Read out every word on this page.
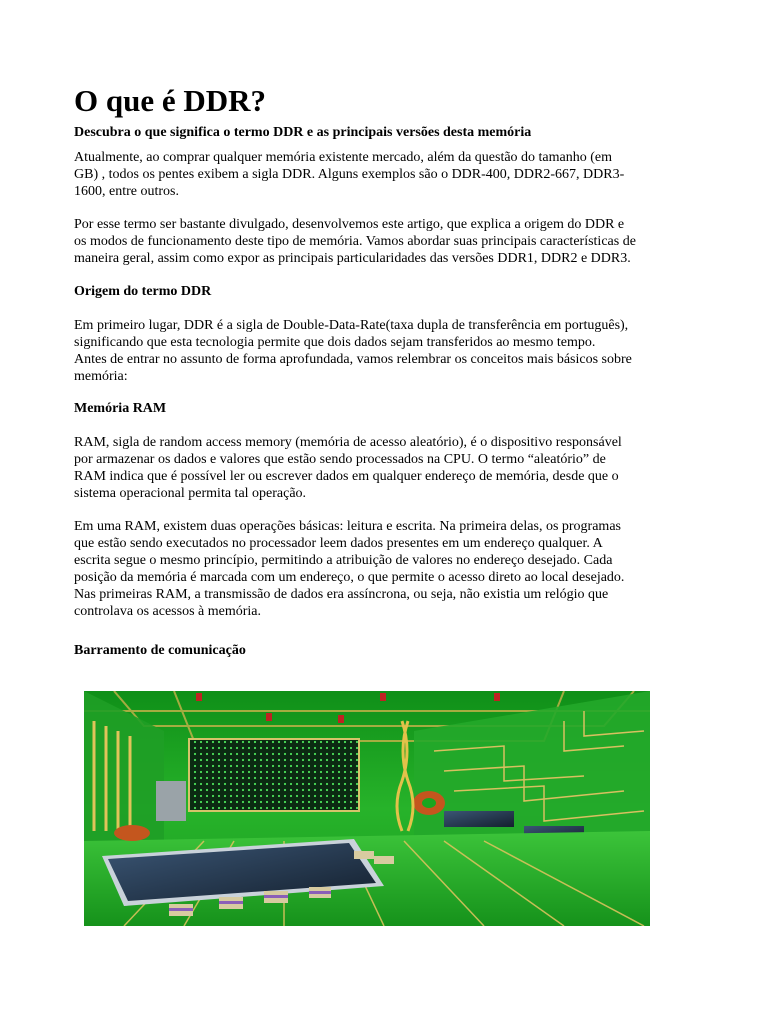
O que é DDR?

Descubra o que significa o termo DDR e as principais versões desta memória

Atualmente, ao comprar qualquer memória existente mercado, além da questão do tamanho (em
GB) , todos os pentes exibem a sigla DDR. Alguns exemplos são o DDR-400, DDR2-667, DDR3-
1600, entre outros.
Por esse termo ser bastante divulgado, desenvolvemos este artigo, que explica a origem do DDR e
os modos de funcionamento deste tipo de memória. Vamos abordar suas principais características de
maneira geral, assim como expor as principais particularidades das versões DDR1, DDR2 e DDR3.
Origem do termo DDR
Em primeiro lugar, DDR é a sigla de Double-Data-Rate(taxa dupla de transferência em português),
significando que esta tecnologia permite que dois dados sejam transferidos ao mesmo tempo.
Antes de entrar no assunto de forma aprofundada, vamos relembrar os conceitos mais básicos sobre
memória:
Memória RAM
RAM, sigla de random access memory (memória de acesso aleatório), é o dispositivo responsável
por armazenar os dados e valores que estão sendo processados na CPU. O termo “aleatório” de
RAM indica que é possível ler ou escrever dados em qualquer endereço de memória, desde que o
sistema operacional permita tal operação.
Em uma RAM, existem duas operações básicas: leitura e escrita. Na primeira delas, os programas
que estão sendo executados no processador leem dados presentes em um endereço qualquer. A
escrita segue o mesmo princípio, permitindo a atribuição de valores no endereço desejado. Cada
posição da memória é marcada com um endereço, o que permite o acesso direto ao local desejado.
Nas primeiras RAM, a transmissão de dados era assíncrona, ou seja, não existia um relógio que
controlava os acessos à memória.
Barramento de comunicação
